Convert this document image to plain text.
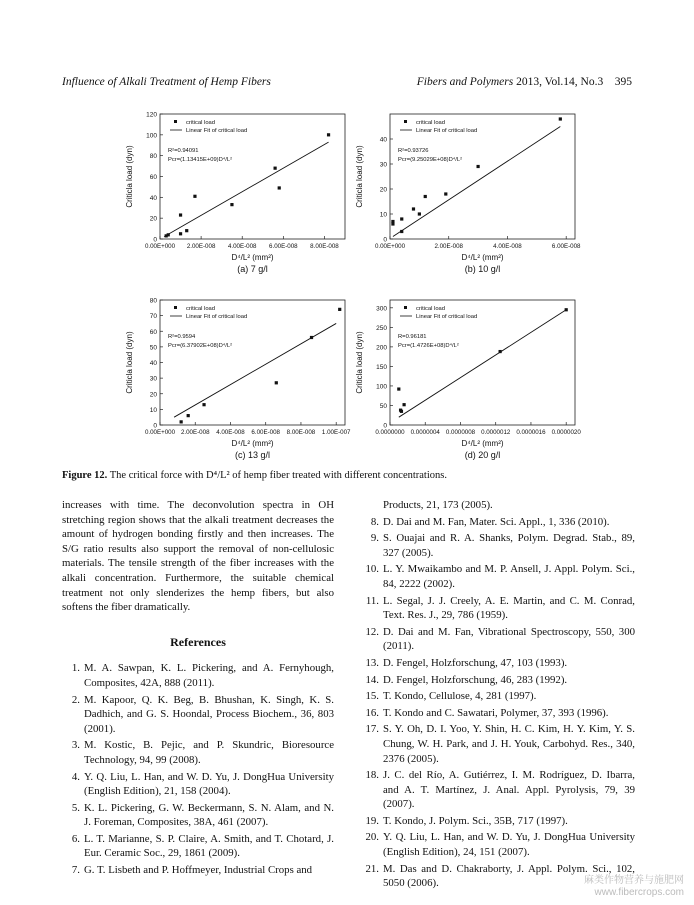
Influence of Alkali Treatment of Hemp Fibers	Fibers and Polymers 2013, Vol.14, No.3 395
0
20
40
60
80
100
120
0.00E+000 2.00E-008 4.00E-008 6.00E-008 8.00E-008
D⁴/L² (mm²)
Criticla load (dyn)
(a) 7 g/l
critical load
Linear Fit of critical load
R²=0.94091
Pcr=(1.13415E+09)D⁴/L²
0
10
20
30
40
0.00E+000	2.00E-008	4.00E-008	6.00E-008
D⁴/L² (mm²)
Criticla load (dyn)
(b) 10 g/l
critical load
Linear Fit of critical load
R²=0.93726
Pcr=(9.25029E+08)D⁴/L²
0
10
20
30
40
50
60
70
80
0.00E+000 2.00E-008 4.00E-008 6.00E-008 8.00E-008 1.00E-007
D⁴/L² (mm²)
Criticla load (dyn)
(c) 13 g/l
critical load
Linear Fit of critical load
R²=0.9594
Pcr=(6.37902E+08)D⁴/L²
0
50
100
150
200
250
300
0.0000000 0.0000004 0.0000008 0.0000012 0.0000016 0.0000020
D⁴/L² (mm²)
Criticla load (dyn)
(d) 20 g/l
critical load
Linear Fit of critical load
R=0.96181
Pcr=(1.4726E+08)D⁴/L²
Figure 12. The critical force with D⁴/L² of hemp fiber treated with different concentrations.
increases with time. The deconvolution spectra in OH stretching region shows that the alkali treatment decreases the amount of hydrogen bonding firstly and then increases. The S/G ratio results also support the removal of non-cellulosic materials. The tensile strength of the fiber increases with the alkali concentration. Furthermore, the suitable chemical treatment not only slenderizes the hemp fibers, but also softens the fiber dramatically.
References
1. M. A. Sawpan, K. L. Pickering, and A. Fernyhough, Composites, 42A, 888 (2011).
2. M. Kapoor, Q. K. Beg, B. Bhushan, K. Singh, K. S. Dadhich, and G. S. Hoondal, Process Biochem., 36, 803 (2001).
3. M. Kostic, B. Pejic, and P. Skundric, Bioresource Technology, 94, 99 (2008).
4. Y. Q. Liu, L. Han, and W. D. Yu, J. DongHua University (English Edition), 21, 158 (2004).
5. K. L. Pickering, G. W. Beckermann, S. N. Alam, and N. J. Foreman, Composites, 38A, 461 (2007).
6. L. T. Marianne, S. P. Claire, A. Smith, and T. Chotard, J. Eur. Ceramic Soc., 29, 1861 (2009).
7. G. T. Lisbeth and P. Hoffmeyer, Industrial Crops and
Products, 21, 173 (2005).
8. D. Dai and M. Fan, Mater. Sci. Appl., 1, 336 (2010).
9. S. Ouajai and R. A. Shanks, Polym. Degrad. Stab., 89, 327 (2005).
10. L. Y. Mwaikambo and M. P. Ansell, J. Appl. Polym. Sci., 84, 2222 (2002).
11. L. Segal, J. J. Creely, A. E. Martin, and C. M. Conrad, Text. Res. J., 29, 786 (1959).
12. D. Dai and M. Fan, Vibrational Spectroscopy, 550, 300 (2011).
13. D. Fengel, Holzforschung, 47, 103 (1993).
14. D. Fengel, Holzforschung, 46, 283 (1992).
15. T. Kondo, Cellulose, 4, 281 (1997).
16. T. Kondo and C. Sawatari, Polymer, 37, 393 (1996).
17. S. Y. Oh, D. I. Yoo, Y. Shin, H. C. Kim, H. Y. Kim, Y. S. Chung, W. H. Park, and J. H. Youk, Carbohyd. Res., 340, 2376 (2005).
18. J. C. del Río, A. Gutiérrez, I. M. Rodríguez, D. Ibarra, and A. T. Martínez, J. Anal. Appl. Pyrolysis, 79, 39 (2007).
19. T. Kondo, J. Polym. Sci., 35B, 717 (1997).
20. Y. Q. Liu, L. Han, and W. D. Yu, J. DongHua University (English Edition), 24, 151 (2007).
21. M. Das and D. Chakraborty, J. Appl. Polym. Sci., 102, 5050 (2006).	麻类作物营养与施肥网
www.fibercrops.com
